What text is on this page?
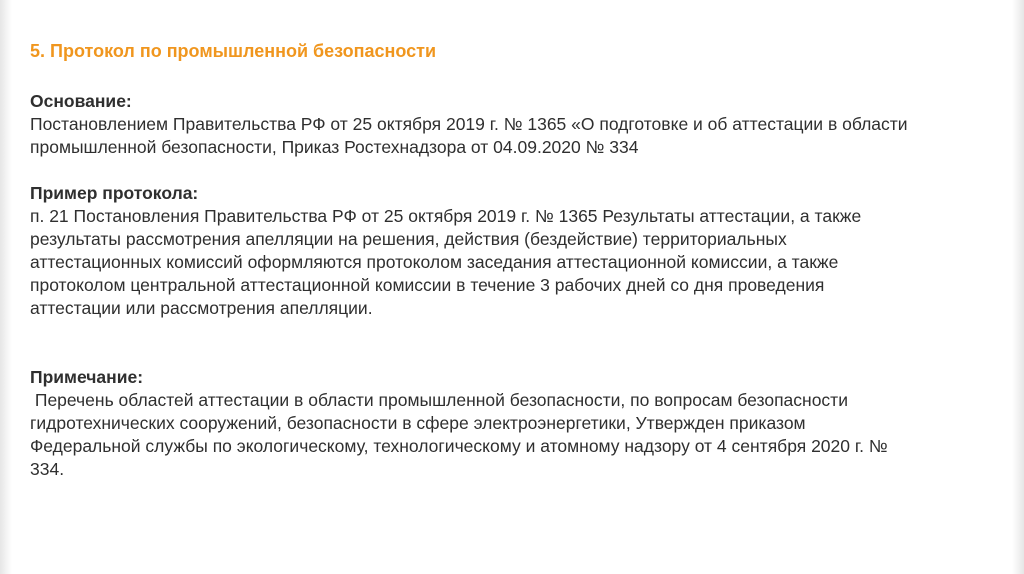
5. Протокол по промышленной безопасности

Основание:

Постановлением Правительства РФ от 25 октября 2019 г. № 1365 «О подготовке и об аттестации в области
промышленной безопасности, Приказ Ростехнадзора от 04.09.2020 № 334

Пример протокола:

п. 21 Постановления Правительства РФ от 25 октября 2019 г. № 1365 Результаты аттестации, а также
результаты рассмотрения апелляции на решения, действия (бездействие) территориальных
аттестационных комиссий оформляются протоколом заседания аттестационной комиссии, а также
протоколом центральной аттестационной комиссии в течение 3 рабочих дней со дня проведения
аттестации или рассмотрения апелляции.

Примечание:

Перечень областей аттестации в области промышленной безопасности, по вопросам безопасности
гидротехнических сооружений, безопасности в сфере электроэнергетики, Утвержден приказом
Федеральной службы по экологическому, технологическому и атомному надзору от 4 сентября 2020 г. №
334.
